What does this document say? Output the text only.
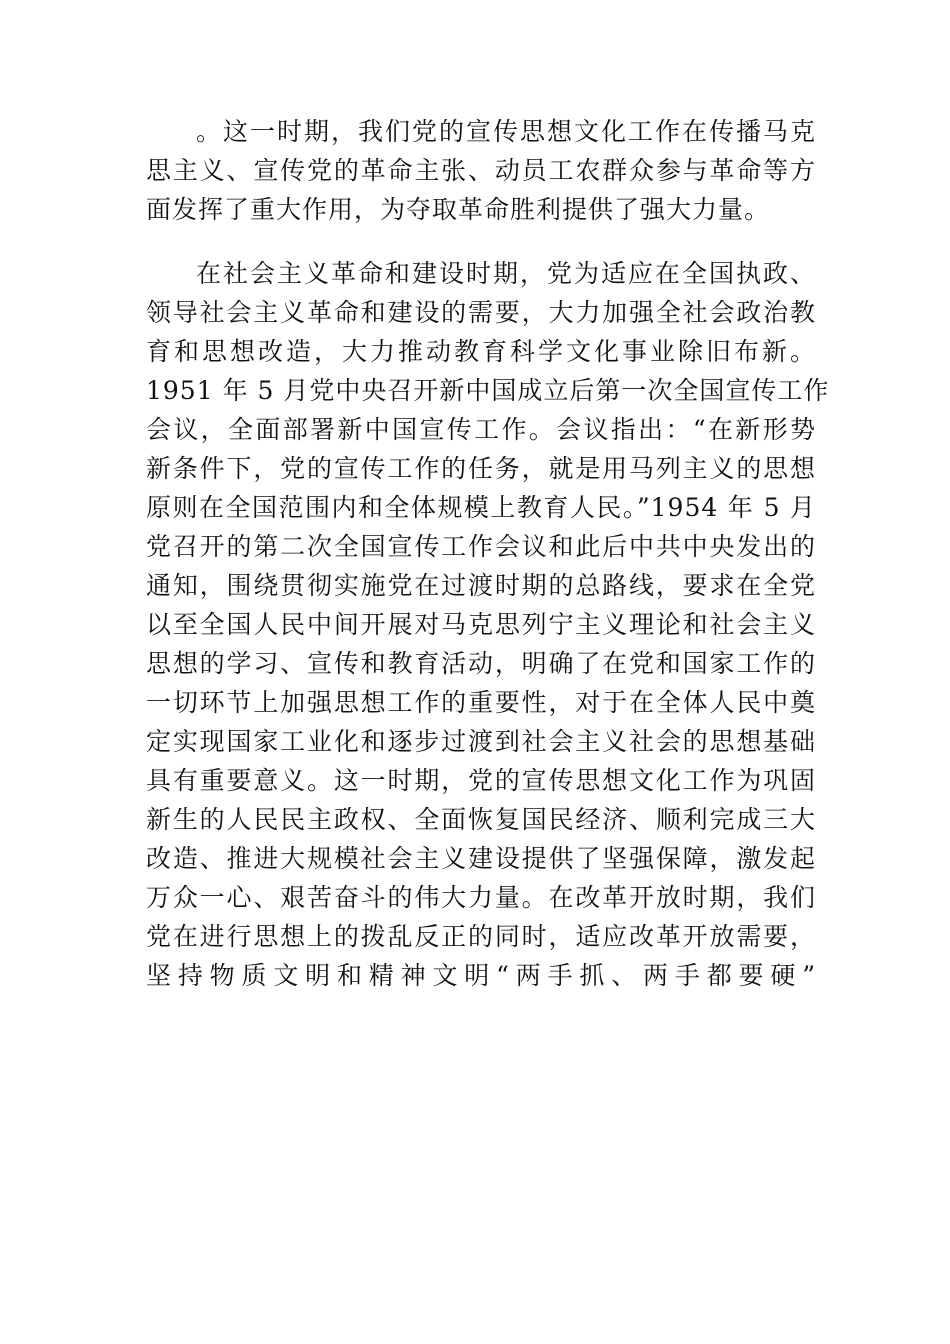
。这一时期，我们党的宣传思想文化工作在传播马克
思主义、宣传党的革命主张、动员工农群众参与革命等方
面发挥了重大作用，为夺取革命胜利提供了强大力量。
在社会主义革命和建设时期，党为适应在全国执政、
领导社会主义革命和建设的需要，大力加强全社会政治教
育和思想改造，大力推动教育科学文化事业除旧布新。
1951 年 5 月党中央召开新中国成立后第一次全国宣传工作
会议，全面部署新中国宣传工作。会议指出：“在新形势
新条件下，党的宣传工作的任务，就是用马列主义的思想
原则在全国范围内和全体规模上教育人民。”1954 年 5 月
党召开的第二次全国宣传工作会议和此后中共中央发出的
通知，围绕贯彻实施党在过渡时期的总路线，要求在全党
以至全国人民中间开展对马克思列宁主义理论和社会主义
思想的学习、宣传和教育活动，明确了在党和国家工作的
一切环节上加强思想工作的重要性，对于在全体人民中奠
定实现国家工业化和逐步过渡到社会主义社会的思想基础
具有重要意义。这一时期，党的宣传思想文化工作为巩固
新生的人民民主政权、全面恢复国民经济、顺利完成三大
改造、推进大规模社会主义建设提供了坚强保障，激发起
万众一心、艰苦奋斗的伟大力量。在改革开放时期，我们
党在进行思想上的拨乱反正的同时，适应改革开放需要，
坚持物质文明和精神文明“两手抓、两手都要硬”
